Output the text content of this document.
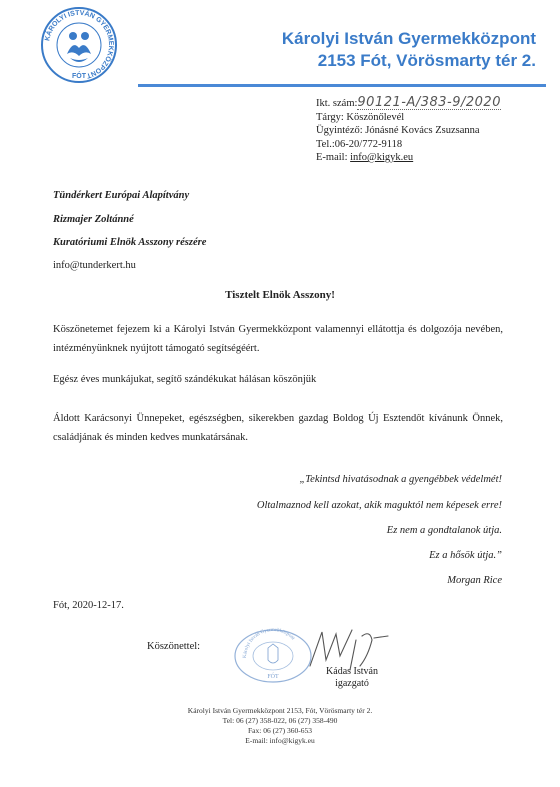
KÁROLYI ISTVÁN GYERMEKKÖZPONT
FÓT
Károlyi István Gyermekközpont
2153 Fót, Vörösmarty tér 2.
Ikt. szám:90121-A/383-9/2020
Tárgy: Köszönőlevél
Ügyintéző: Jónásné Kovács Zsuzsanna
Tel.:06-20/772-9118
E-mail: info@kigyk.eu
Tündérkert Európai Alapítvány
Rizmajer Zoltánné
Kuratóriumi Elnök Asszony részére
info@tunderkert.hu
Tisztelt Elnök Asszony!
Köszönetemet fejezem ki a Károlyi István Gyermekközpont valamennyi ellátottja és dolgozója nevében, intézményünknek nyújtott támogató segítségéért.
Egész éves munkájukat, segítő szándékukat hálásan köszönjük
Áldott Karácsonyi Ünnepeket, egészségben, sikerekben gazdag Boldog Új Esztendőt kívánunk Önnek, családjának és minden kedves munkatársának.
„Tekintsd hivatásodnak a gyengébbek védelmét!
Oltalmaznod kell azokat, akik maguktól nem képesek erre!
Ez nem a gondtalanok útja.
Ez a hősök útja.”
Morgan Rice
Fót, 2020-12-17.
Köszönettel:
Károlyi István Gyermekközpont
FÓT	Kádas István
igazgató
Károlyi István Gyermekközpont 2153, Fót, Vörösmarty tér 2.
Tel: 06 (27) 358-022, 06 (27) 358-490
Fax: 06 (27) 360-653
E-mail: info@kigyk.eu
